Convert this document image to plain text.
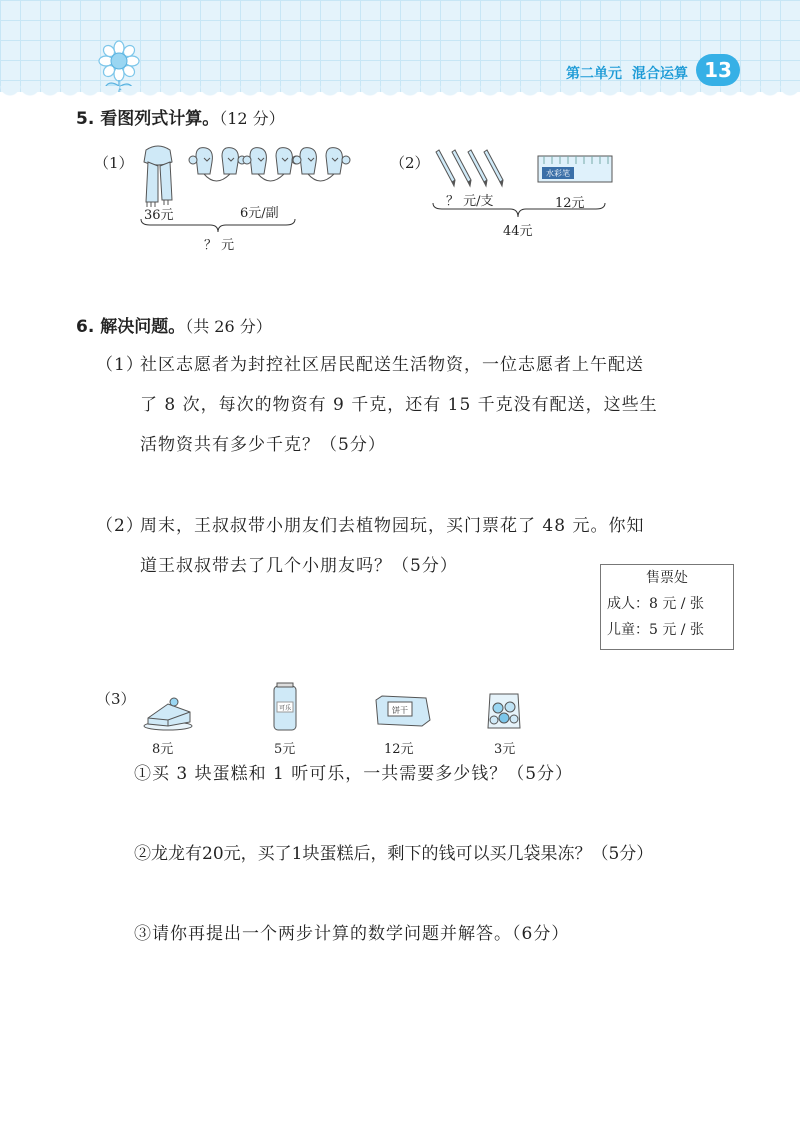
第二单元 混合运算 13
5. 看图列式计算。（12 分）
（1）
36元	6元/副
？ 元
（2）
水彩笔
？ 元/支	12元
44元
6. 解决问题。（共 26 分）
（1）
社区志愿者为封控社区居民配送生活物资，一位志愿者上午配送
了 8 次，每次的物资有 9 千克，还有 15 千克没有配送，这些生
活物资共有多少千克？（5分）
（2）
周末，王叔叔带小朋友们去植物园玩，买门票花了 48 元。你知
道王叔叔带去了几个小朋友吗？（5分）
售票处
成人：8 元 / 张
儿童：5 元 / 张
（3）
可乐	饼干
8元	5元	12元	3元
①买 3 块蛋糕和 1 听可乐，一共需要多少钱？（5分）
②龙龙有20元，买了1块蛋糕后，剩下的钱可以买几袋果冻？（5分）
③请你再提出一个两步计算的数学问题并解答。（6分）
